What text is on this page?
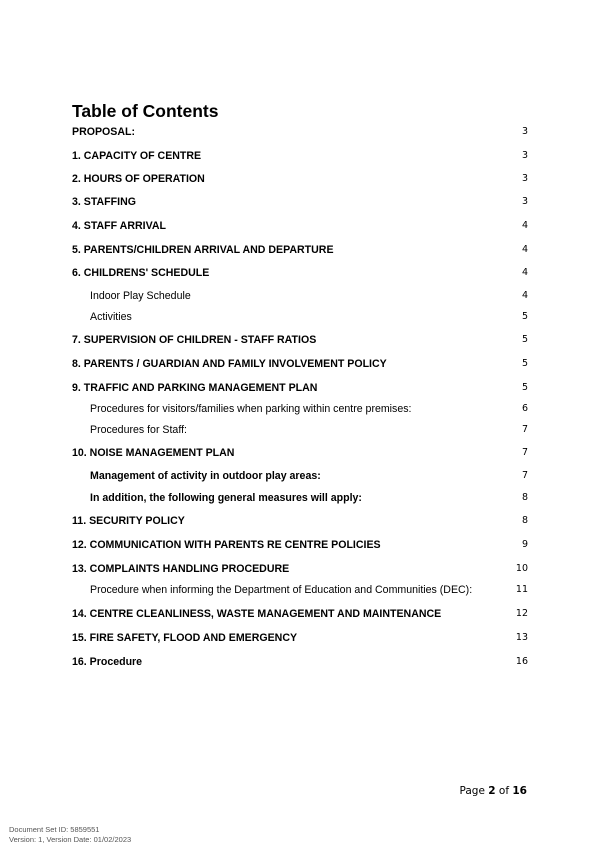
Table of Contents
PROPOSAL:	3
1. CAPACITY OF CENTRE	3
2. HOURS OF OPERATION	3
3. STAFFING	3
4. STAFF ARRIVAL	4
5. PARENTS/CHILDREN ARRIVAL AND DEPARTURE	4
6. CHILDRENS' SCHEDULE	4
Indoor Play Schedule	4
Activities	5
7. SUPERVISION OF CHILDREN - STAFF RATIOS	5
8. PARENTS / GUARDIAN AND FAMILY INVOLVEMENT POLICY	5
9. TRAFFIC AND PARKING MANAGEMENT PLAN	5
Procedures for visitors/families when parking within centre premises:	6
Procedures for Staff:	7
10. NOISE MANAGEMENT PLAN	7
Management of activity in outdoor play areas:	7
In addition, the following general measures will apply:	8
11. SECURITY POLICY	8
12. COMMUNICATION WITH PARENTS RE CENTRE POLICIES	9
13. COMPLAINTS HANDLING PROCEDURE	10
Procedure when informing the Department of Education and Communities (DEC):	11
14. CENTRE CLEANLINESS, WASTE MANAGEMENT AND MAINTENANCE	12
15. FIRE SAFETY, FLOOD AND EMERGENCY	13
16. Procedure	16
Page 2 of 16
Document Set ID: 5859551
Version: 1, Version Date: 01/02/2023
